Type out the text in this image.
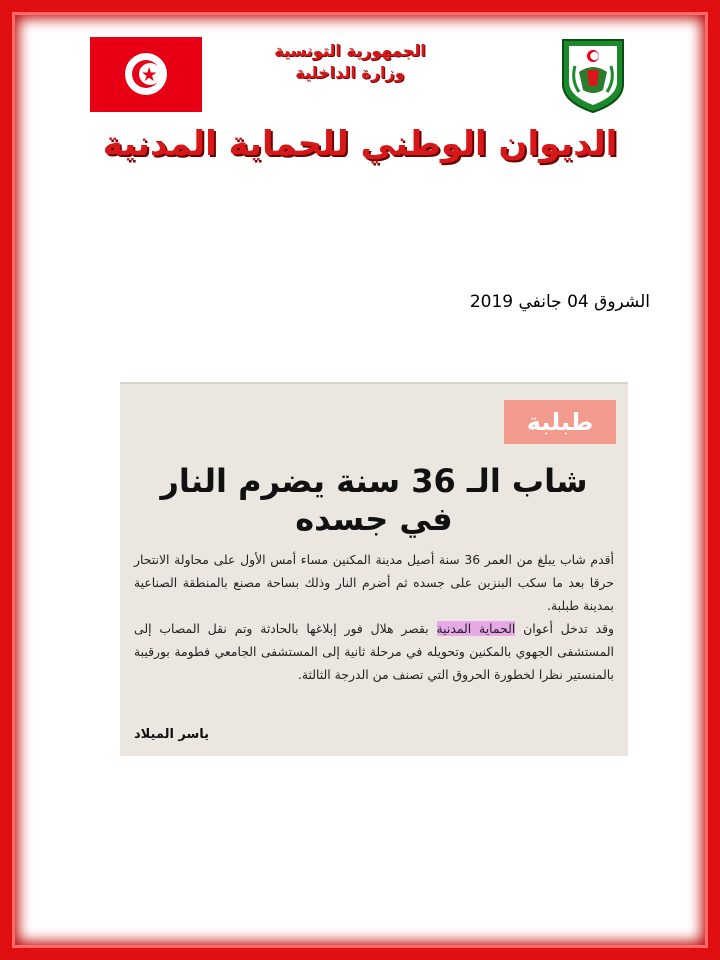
الجمهورية التونسية
وزارة الداخلية
الديوان الوطني للحماية المدنية
الشروق 04 جانفي 2019
طبلبة
شاب الـ 36 سنة يضرم النار في جسده

أقدم شاب يبلغ من العمر 36 سنة أصيل مدينة المكنين مساء أمس الأول على محاولة الانتحار حرقا بعد ما سكب البنزين على جسده ثم أضرم النار وذلك بساحة مصنع بالمنطقة الصناعية بمدينة طبلبة.

وقد تدخل أعوان الحماية المدنية بقصر هلال فور إبلاغها بالحادثة وتم نقل المصاب إلى المستشفى الجهوي بالمكنين وتحويله في مرحلة ثانية إلى المستشفى الجامعي فطومة بورقيبة بالمنستير نظرا لخطورة الحروق التي تصنف من الدرجة الثالثة.

ياسر الميلاد
